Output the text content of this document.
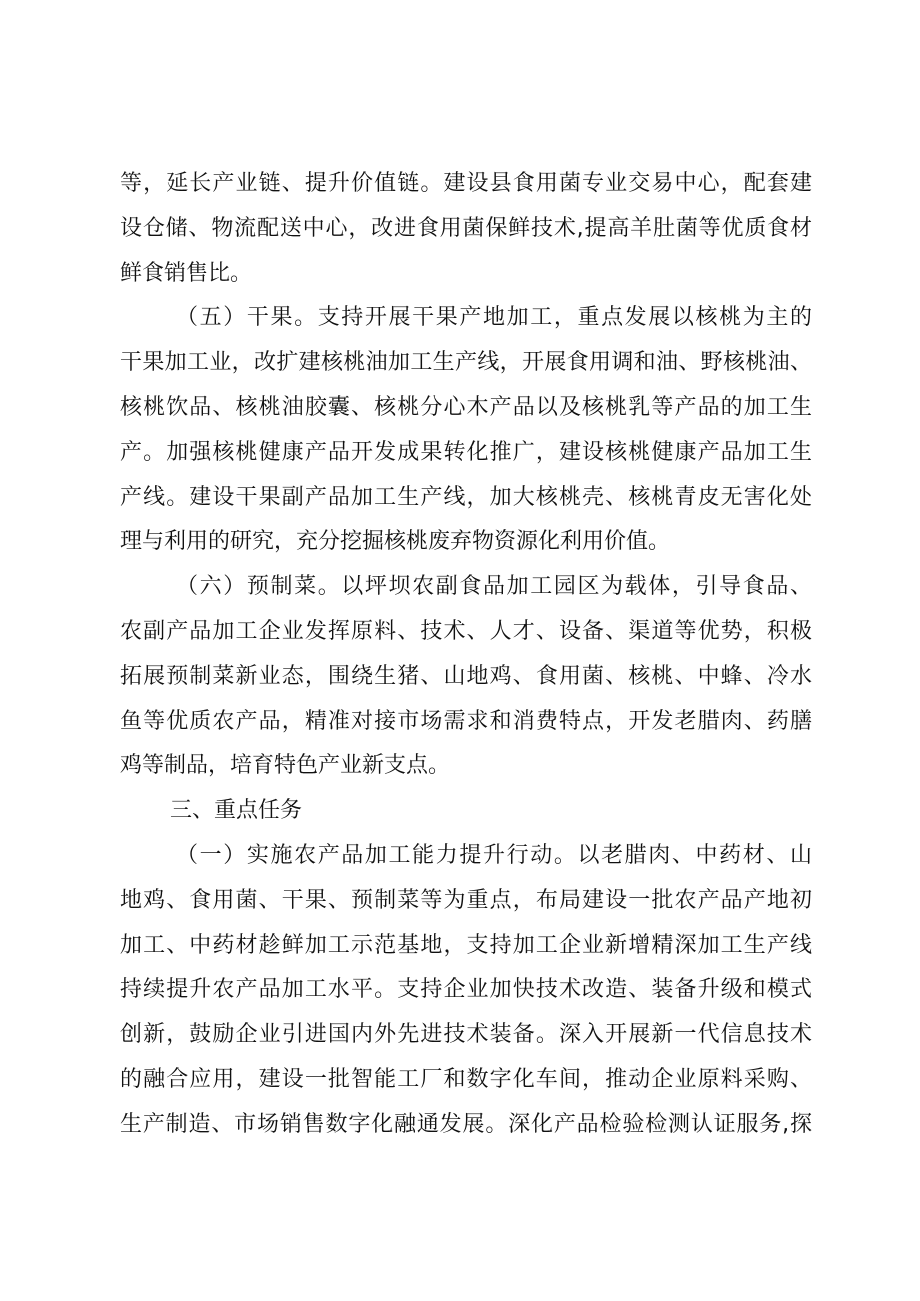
等，延长产业链、提升价值链。建设县食用菌专业交易中心，配套建
设仓储、物流配送中心，改进食用菌保鲜技术,提高羊肚菌等优质食材
鲜食销售比。

（五）干果。支持开展干果产地加工，重点发展以核桃为主的
干果加工业，改扩建核桃油加工生产线，开展食用调和油、野核桃油、
核桃饮品、核桃油胶囊、核桃分心木产品以及核桃乳等产品的加工生
产。加强核桃健康产品开发成果转化推广，建设核桃健康产品加工生
产线。建设干果副产品加工生产线，加大核桃壳、核桃青皮无害化处
理与利用的研究，充分挖掘核桃废弃物资源化利用价值。

（六）预制菜。以坪坝农副食品加工园区为载体，引导食品、
农副产品加工企业发挥原料、技术、人才、设备、渠道等优势，积极
拓展预制菜新业态，围绕生猪、山地鸡、食用菌、核桃、中蜂、冷水
鱼等优质农产品，精准对接市场需求和消费特点，开发老腊肉、药膳
鸡等制品，培育特色产业新支点。

三、重点任务

（一）实施农产品加工能力提升行动。以老腊肉、中药材、山
地鸡、食用菌、干果、预制菜等为重点，布局建设一批农产品产地初
加工、中药材趁鲜加工示范基地，支持加工企业新增精深加工生产线
持续提升农产品加工水平。支持企业加快技术改造、装备升级和模式
创新，鼓励企业引进国内外先进技术装备。深入开展新一代信息技术
的融合应用，建设一批智能工厂和数字化车间，推动企业原料采购、
生产制造、市场销售数字化融通发展。深化产品检验检测认证服务,探
